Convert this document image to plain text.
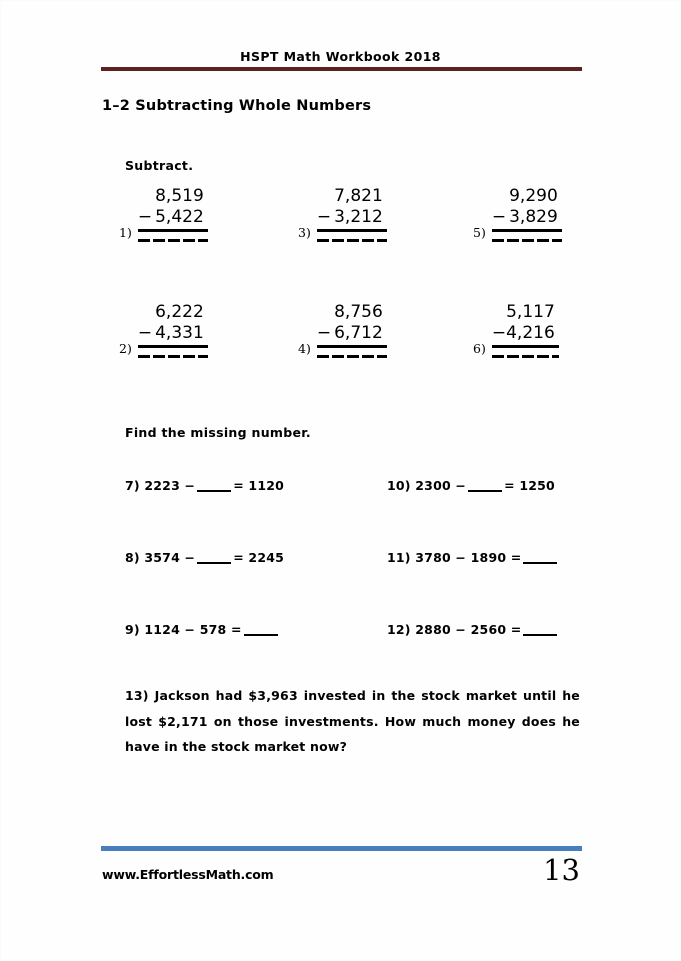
HSPT Math Workbook 2018
1–2 Subtracting Whole Numbers
Subtract.
1)
8,519
− 5,422
3)
7,821
− 3,212
5)
9,290
− 3,829
2)
6,222
− 4,331
4)
8,756
− 6,712
6)
5,117
− 4,216
Find the missing number.
7) 2223 −	= 1120	10) 2300 −	= 1250
8) 3574 −	= 2245	11) 3780 − 1890 =
9) 1124 − 578 =	12) 2880 − 2560 =
13) Jackson had $3,963 invested in the stock market until he lost $2,171 on those investments. How much money does he have in the stock market now?
www.EffortlessMath.com	13
